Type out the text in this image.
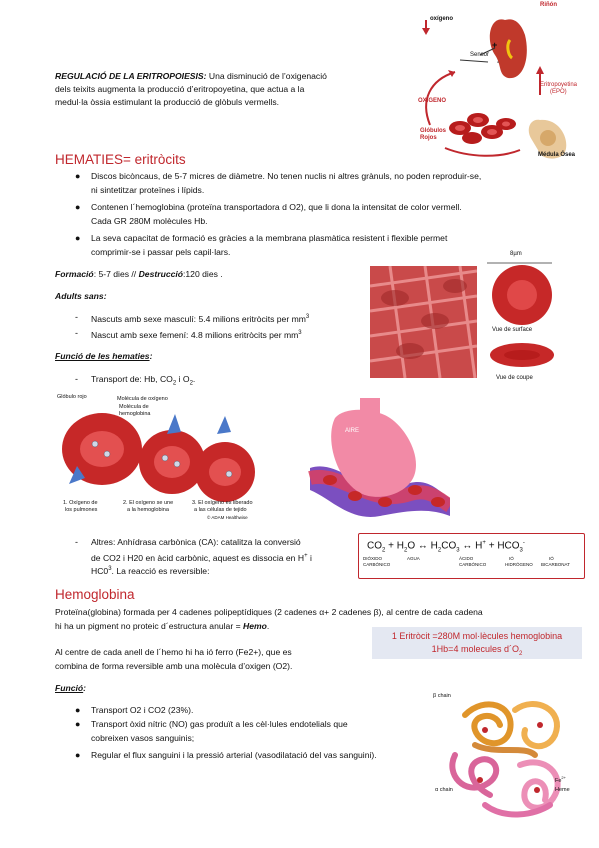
oxígeno
Riñón
Sensor
Eritropoyetina
(EPO)
OXÍGENO
Glóbulos
Rojos
Médula Ósea
-
+
REGULACIÓ DE LA ERITROPOIESIS: Una disminució de l’oxigenació
dels teixits augmenta la producció d’eritropoyetina, que actua a la
medul·la òssia estimulant la producció de glòbuls vermells.
HEMATIES= eritròcits
● Discos bicòncaus, de 5-7 micres de diàmetre. No tenen nuclis ni altres grànuls, no poden reproduir-se,
ni sintetitzar proteïnes i lípids.
● Contenen l´hemoglobina (proteïna transportadora d O2), que li dona la intensitat de color vermell.
Cada GR 280M molècules Hb.
● La seva capacitat de formació es gràcies a la membrana plasmàtica resistent i flexible permet
comprimir-se i passar pels capil·lars.
Formació: 5-7 dies // Destrucció:120 dies .
Adults sans:
- Nascuts amb sexe masculí: 5.4 milions eritròcits per $mm^3$
- Nascut amb sexe femení: 4.8 milions eritròcits per $mm^3$
Funció de les hematies:
- Transport de: Hb, $CO_2$ i $O_2$.
8µm
Vue de surface
Vue de coupe
Glóbulo rojo	Molécula de oxígeno
Molécula de
hemoglobina
1. Oxígeno de
los pulmones
2. El oxígeno se une
a la hemoglobina
3. El oxígeno es liberado
a las células de tejido
© ADAM Healthwise
AIRE
- Altres: Anhídrasa carbònica (CA): catalitza la conversió
de CO2 i H20 en àcid carbònic, aquest es dissocia en H+ i
$HC0^3$. La reacció es reversible:
$CO_2 + H_2O$ ↔ $H_2CO_3$ ↔ $H^+ + HCO_3^-$
DIÓXIDO
CARBÓNICO
AGUA	ÁCIDO
CARBÓNICO
IÓ
HIDRÓGENO
IÓ
BICARBONAT
Hemoglobina
Proteïna(globina) formada per 4 cadenes polipeptídiques (2 cadenes α+ 2 cadenes β), al centre de cada cadena
hi ha un pigment no proteic d´estructura anular = Hemo.
1 Eritròcit =280M mol·lècules hemoglobina
1Hb=4 molecules $d´O_2$
Al centre de cada anell de l´hemo hi ha ió ferro (Fe2+), que es
combina de forma reversible amb una molècula d’oxigen (O2).
Funció:
● Transport O2 i CO2 (23%).
● Transport òxid nítric (NO) gas produït a les cèl·lules endotelials que
cobreixen vasos sanguinis;
● Regular el flux sanguini i la pressió arterial (vasodilatació del vas sanguini).
β chain
α chain
$Fe^{2+}$
Heme
